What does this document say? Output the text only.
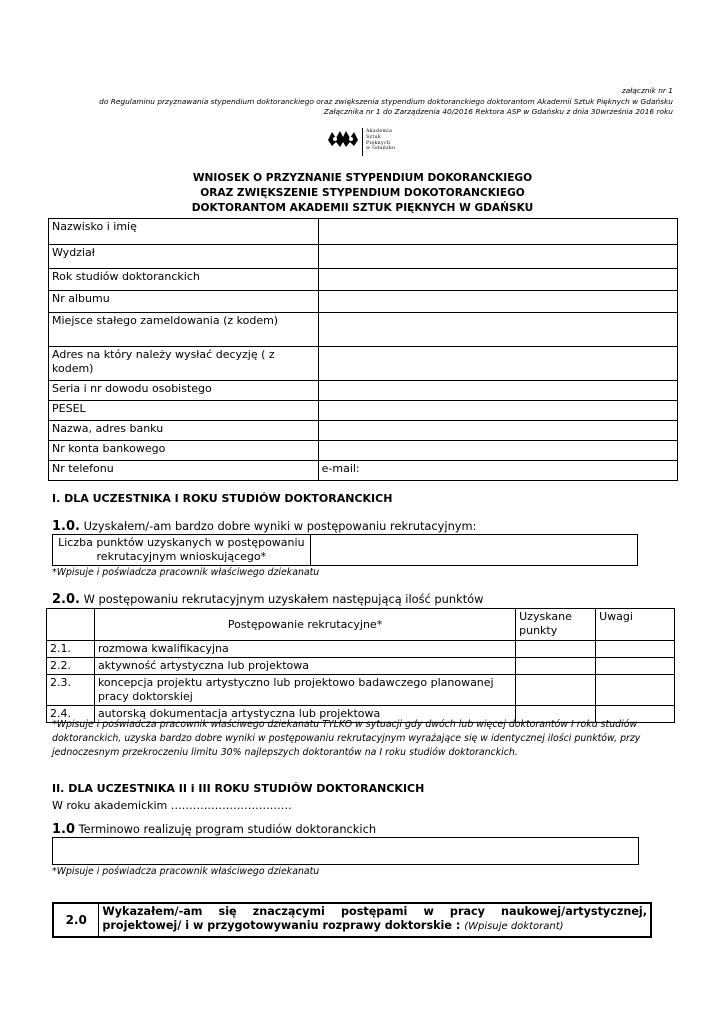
załącznik nr 1
do Regulaminu przyznawania stypendium doktoranckiego oraz zwiększenia stypendium doktoranckiego doktorantom Akademii Sztuk Pięknych w Gdańsku
Załącznika nr 1 do Zarządzenia 40/2016 Rektora ASP w Gdańsku z dnia 30września 2016 roku
Akademia
Sztuk
Pięknych
w Gdańsku
WNIOSEK O PRZYZNANIE STYPENDIUM DOKORANCKIEGO
ORAZ ZWIĘKSZENIE STYPENDIUM DOKOTORANCKIEGO
DOKTORANTOM AKADEMII SZTUK PIĘKNYCH W GDAŃSKU
Nazwisko i imię	
Wydział	
Rok studiów doktoranckich	
Nr albumu	
Miejsce stałego zameldowania (z kodem)	
Adres na który należy wysłać decyzję ( z kodem)	
Seria i nr dowodu osobistego	
PESEL	
Nazwa, adres banku	
Nr konta bankowego	
Nr telefonu	e-mail:
I. DLA UCZESTNIKA I ROKU STUDIÓW DOKTORANCKICH
1.0. Uzyskałem/-am bardzo dobre wyniki w postępowaniu rekrutacyjnym:
Liczba punktów uzyskanych w postępowaniu rekrutacyjnym wnioskującego*	
*Wpisuje i poświadcza pracownik właściwego dziekanatu
2.0. W postępowaniu rekrutacyjnym uzyskałem następującą ilość punktów
	Postępowanie rekrutacyjne*	Uzyskane punkty	Uwagi
2.1.	rozmowa kwalifikacyjna		
2.2.	aktywność artystyczna lub projektowa		
2.3.	koncepcja projektu artystyczno lub projektowo badawczego planowanej pracy doktorskiej		
2.4.	autorską dokumentacja artystyczna lub projektowa		
*Wpisuje i poświadcza pracownik właściwego dziekanatu TYLKO w sytuacji gdy dwóch lub więcej doktorantów I roku studiów doktoranckich, uzyska bardzo dobre wyniki w postępowaniu rekrutacyjnym wyrażające się w identycznej ilości punktów, przy jednoczesnym przekroczeniu limitu 30% najlepszych doktorantów na I roku studiów doktoranckich.
II. DLA UCZESTNIKA II i III ROKU STUDIÓW DOKTORANCKICH
W roku akademickim ……………………………
1.0 Terminowo realizuję program studiów doktoranckich
*Wpisuje i poświadcza pracownik właściwego dziekanatu
2.0	Wykazałem/-am się znaczącymi postępami w pracy naukowej/artystycznej, projektowej/ i w przygotowywaniu rozprawy doktorskie : (Wpisuje doktorant)
